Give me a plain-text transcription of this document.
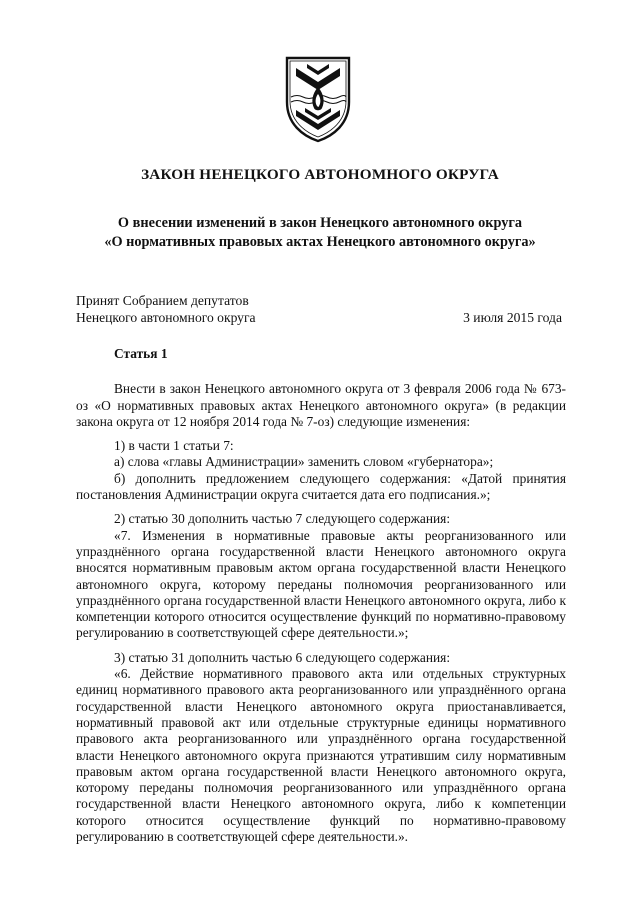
ЗАКОН НЕНЕЦКОГО АВТОНОМНОГО ОКРУГА
О внесении изменений в закон Ненецкого автономного округа
«О нормативных правовых актах Ненецкого автономного округа»
Принят Собранием депутатов
Ненецкого автономного округа	3 июля 2015 года
Статья 1

Внести в закон Ненецкого автономного округа от 3 февраля 2006 года № 673-оз «О нормативных правовых актах Ненецкого автономного округа» (в редакции закона округа от 12 ноября 2014 года № 7-оз) следующие изменения:

1) в части 1 статьи 7:

а) слова «главы Администрации» заменить словом «губернатора»;

б) дополнить предложением следующего содержания: «Датой принятия постановления Администрации округа считается дата его подписания.»;

2) статью 30 дополнить частью 7 следующего содержания:

«7. Изменения в нормативные правовые акты реорганизованного или упразднённого органа государственной власти Ненецкого автономного округа вносятся нормативным правовым актом органа государственной власти Ненецкого автономного округа, которому переданы полномочия реорганизованного или упразднённого органа государственной власти Ненецкого автономного округа, либо к компетенции которого относится осуществление функций по нормативно-правовому регулированию в соответствующей сфере деятельности.»;

3) статью 31 дополнить частью 6 следующего содержания:

«6. Действие нормативного правового акта или отдельных структурных единиц нормативного правового акта реорганизованного или упразднённого органа государственной власти Ненецкого автономного округа приостанавливается, нормативный правовой акт или отдельные структурные единицы нормативного правового акта реорганизованного или упразднённого органа государственной власти Ненецкого автономного округа признаются утратившим силу нормативным правовым актом органа государственной власти Ненецкого автономного округа, которому переданы полномочия реорганизованного или упразднённого органа государственной власти Ненецкого автономного округа, либо к компетенции которого относится осуществление функций по нормативно-правовому регулированию в соответствующей сфере деятельности.».
